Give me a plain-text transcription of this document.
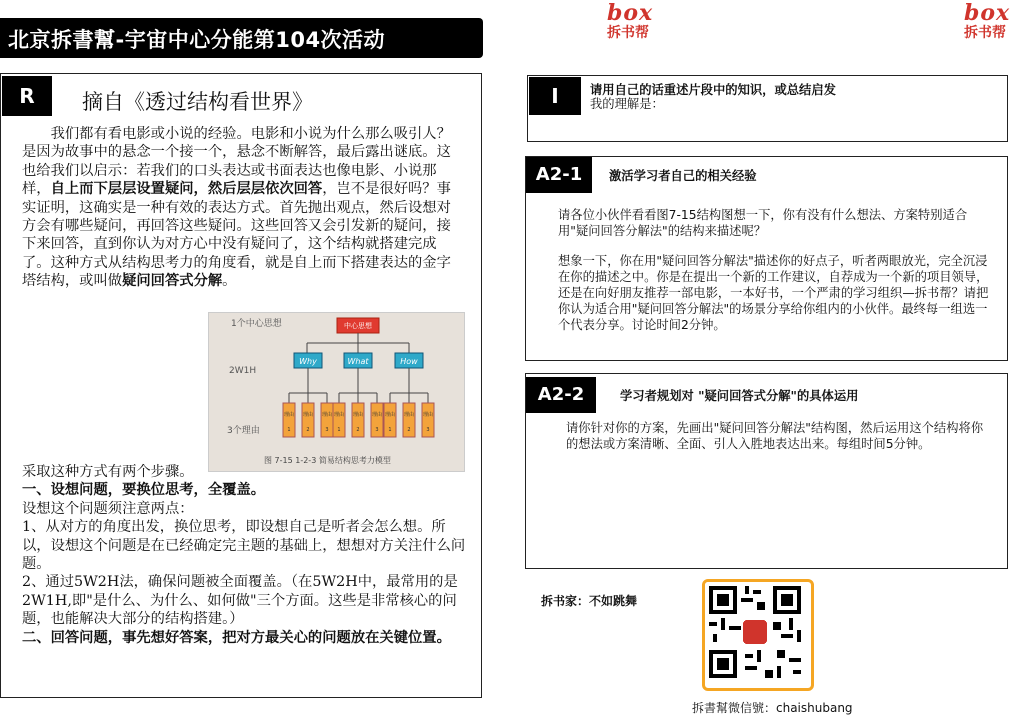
北京拆書幫-宇宙中心分能第104次活动
box
拆书帮
box
拆书帮
R	摘自《透过结构看世界》
我们都有看电影或小说的经验。电影和小说为什么那么吸引人？是因为故事中的悬念一个接一个，悬念不断解答，最后露出谜底。这也给我们以启示：若我们的口头表达或书面表达也像电影、小说那样，自上而下层层设置疑问，然后层层依次回答，岂不是很好吗？事实证明，这确实是一种有效的表达方式。首先抛出观点，然后设想对方会有哪些疑问，再回答这些疑问。这些回答又会引发新的疑问，接下来回答，直到你认为对方心中没有疑问了，这个结构就搭建完成了。这种方式从结构思考力的角度看，就是自上而下搭建表达的金字塔结构，或叫做疑问回答式分解。
1个中心思想	中心思想
2W1H
Why	What	How
3个理由
理由
1
理由
2
理由
3
理由
1
理由
2
理由
3
理由
1
理由
2
理由
3
图 7-15 1-2-3 简易结构思考力模型
采取这种方式有两个步骤。
一、设想问题，要换位思考，全覆盖。
设想这个问题须注意两点：
1、从对方的角度出发，换位思考，即设想自己是听者会怎么想。所以，设想这个问题是在已经确定完主题的基础上，想想对方关注什么问题。
2、通过5W2H法，确保问题被全面覆盖。（在5W2H中，最常用的是2W1H,即"是什么、为什么、如何做"三个方面。这些是非常核心的问题，也能解决大部分的结构搭建。）
二、回答问题，事先想好答案，把对方最关心的问题放在关键位置。
I	请用自己的话重述片段中的知识，或总结启发
我的理解是：
A2-1	激活学习者自己的相关经验
请各位小伙伴看看图7-15结构图想一下，你有没有什么想法、方案特别适合用"疑问回答分解法"的结构来描述呢？
想象一下，你在用"疑问回答分解法"描述你的好点子，听者两眼放光，完全沉浸在你的描述之中。你是在提出一个新的工作建议，自荐成为一个新的项目领导，还是在向好朋友推荐一部电影，一本好书，一个严肃的学习组织—拆书帮？请把你认为适合用"疑问回答分解法"的场景分享给你组内的小伙伴。最终每一组选一个代表分享。讨论时间2分钟。
A2-2	学习者规划对 "疑问回答式分解"的具体运用
请你针对你的方案，先画出"疑问回答分解法"结构图，然后运用这个结构将你的想法或方案清晰、全面、引人入胜地表达出来。每组时间5分钟。
拆书家：不如跳舞
拆書幫微信號：chaishubang
